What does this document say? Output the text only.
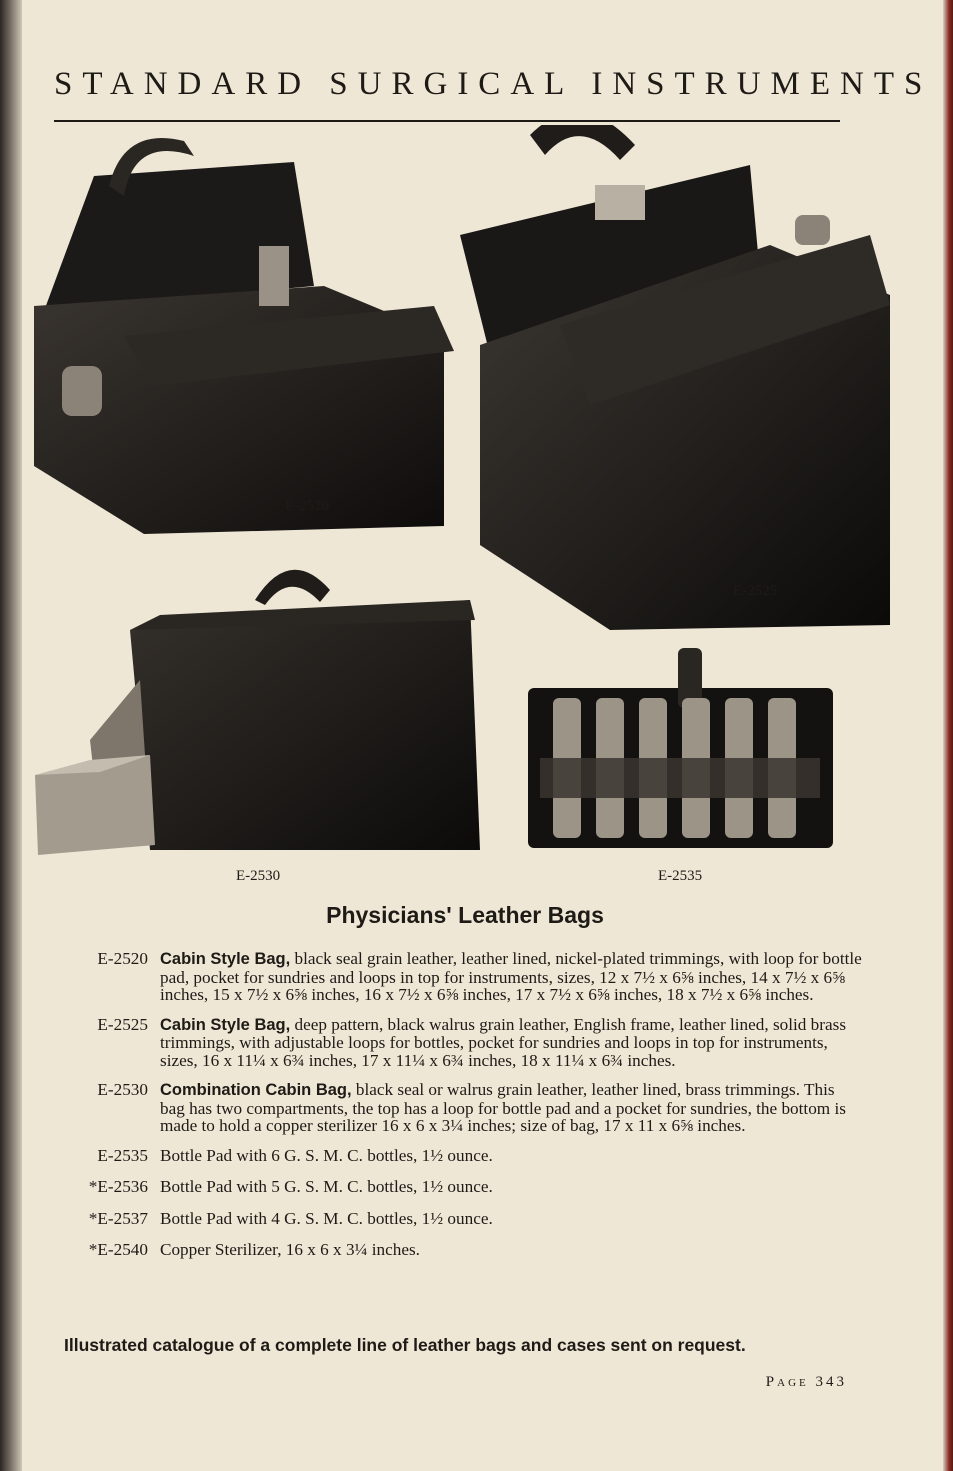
STANDARD SURGICAL INSTRUMENTS
E-2520
E-2525
E-2530	E-2535
Physicians' Leather Bags
E-2520 Cabin Style Bag, black seal grain leather, leather lined, nickel-plated trimmings, with loop for bottle pad, pocket for sundries and loops in top for instruments, sizes, 12 x 7½ x 6⅝ inches, 14 x 7½ x 6⅝ inches, 15 x 7½ x 6⅝ inches, 16 x 7½ x 6⅝ inches, 17 x 7½ x 6⅝ inches, 18 x 7½ x 6⅝ inches.
E-2525 Cabin Style Bag, deep pattern, black walrus grain leather, English frame, leather lined, solid brass trimmings, with adjustable loops for bottles, pocket for sundries and loops in top for instruments, sizes, 16 x 11¼ x 6¾ inches, 17 x 11¼ x 6¾ inches, 18 x 11¼ x 6¾ inches.
E-2530 Combination Cabin Bag, black seal or walrus grain leather, leather lined, brass trimmings. This bag has two compartments, the top has a loop for bottle pad and a pocket for sundries, the bottom is made to hold a copper sterilizer 16 x 6 x 3¼ inches; size of bag, 17 x 11 x 6⅝ inches.
E-2535 Bottle Pad with 6 G. S. M. C. bottles, 1½ ounce.
*E-2536 Bottle Pad with 5 G. S. M. C. bottles, 1½ ounce.
*E-2537 Bottle Pad with 4 G. S. M. C. bottles, 1½ ounce.
*E-2540 Copper Sterilizer, 16 x 6 x 3¼ inches.
Illustrated catalogue of a complete line of leather bags and cases sent on request.
Page 343
